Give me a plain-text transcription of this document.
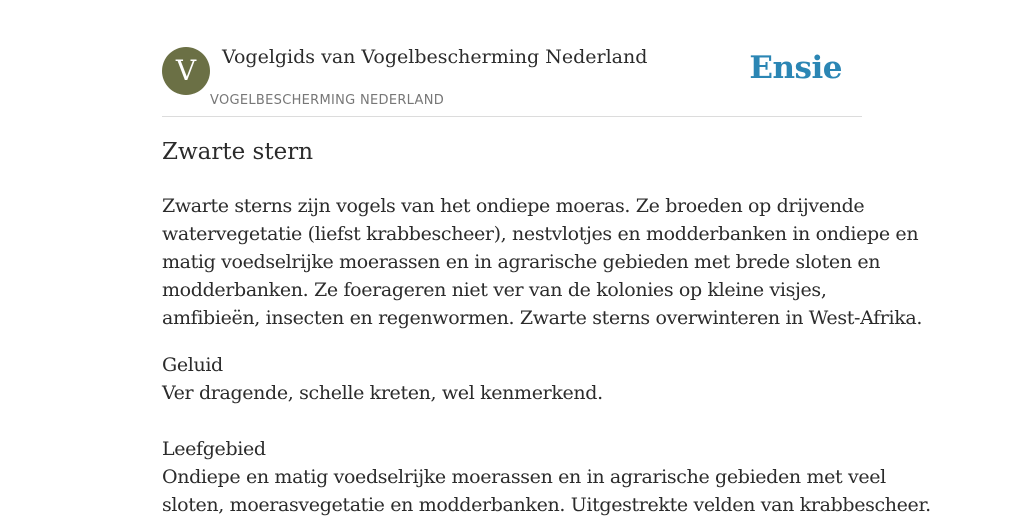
V	Vogelgids van Vogelbescherming Nederland
VOGELBESCHERMING NEDERLAND
Ensie
Zwarte stern

Zwarte sterns zijn vogels van het ondiepe moeras. Ze broeden op drijvende
watervegetatie (liefst krabbescheer), nestvlotjes en modderbanken in ondiepe en
matig voedselrijke moerassen en in agrarische gebieden met brede sloten en
modderbanken. Ze foerageren niet ver van de kolonies op kleine visjes,
amfibieën, insecten en regenwormen. Zwarte sterns overwinteren in West-Afrika.

Geluid
Ver dragende, schelle kreten, wel kenmerkend.
Leefgebied
Ondiepe en matig voedselrijke moerassen en in agrarische gebieden met veel
sloten, moerasvegetatie en modderbanken. Uitgestrekte velden van krabbescheer.
